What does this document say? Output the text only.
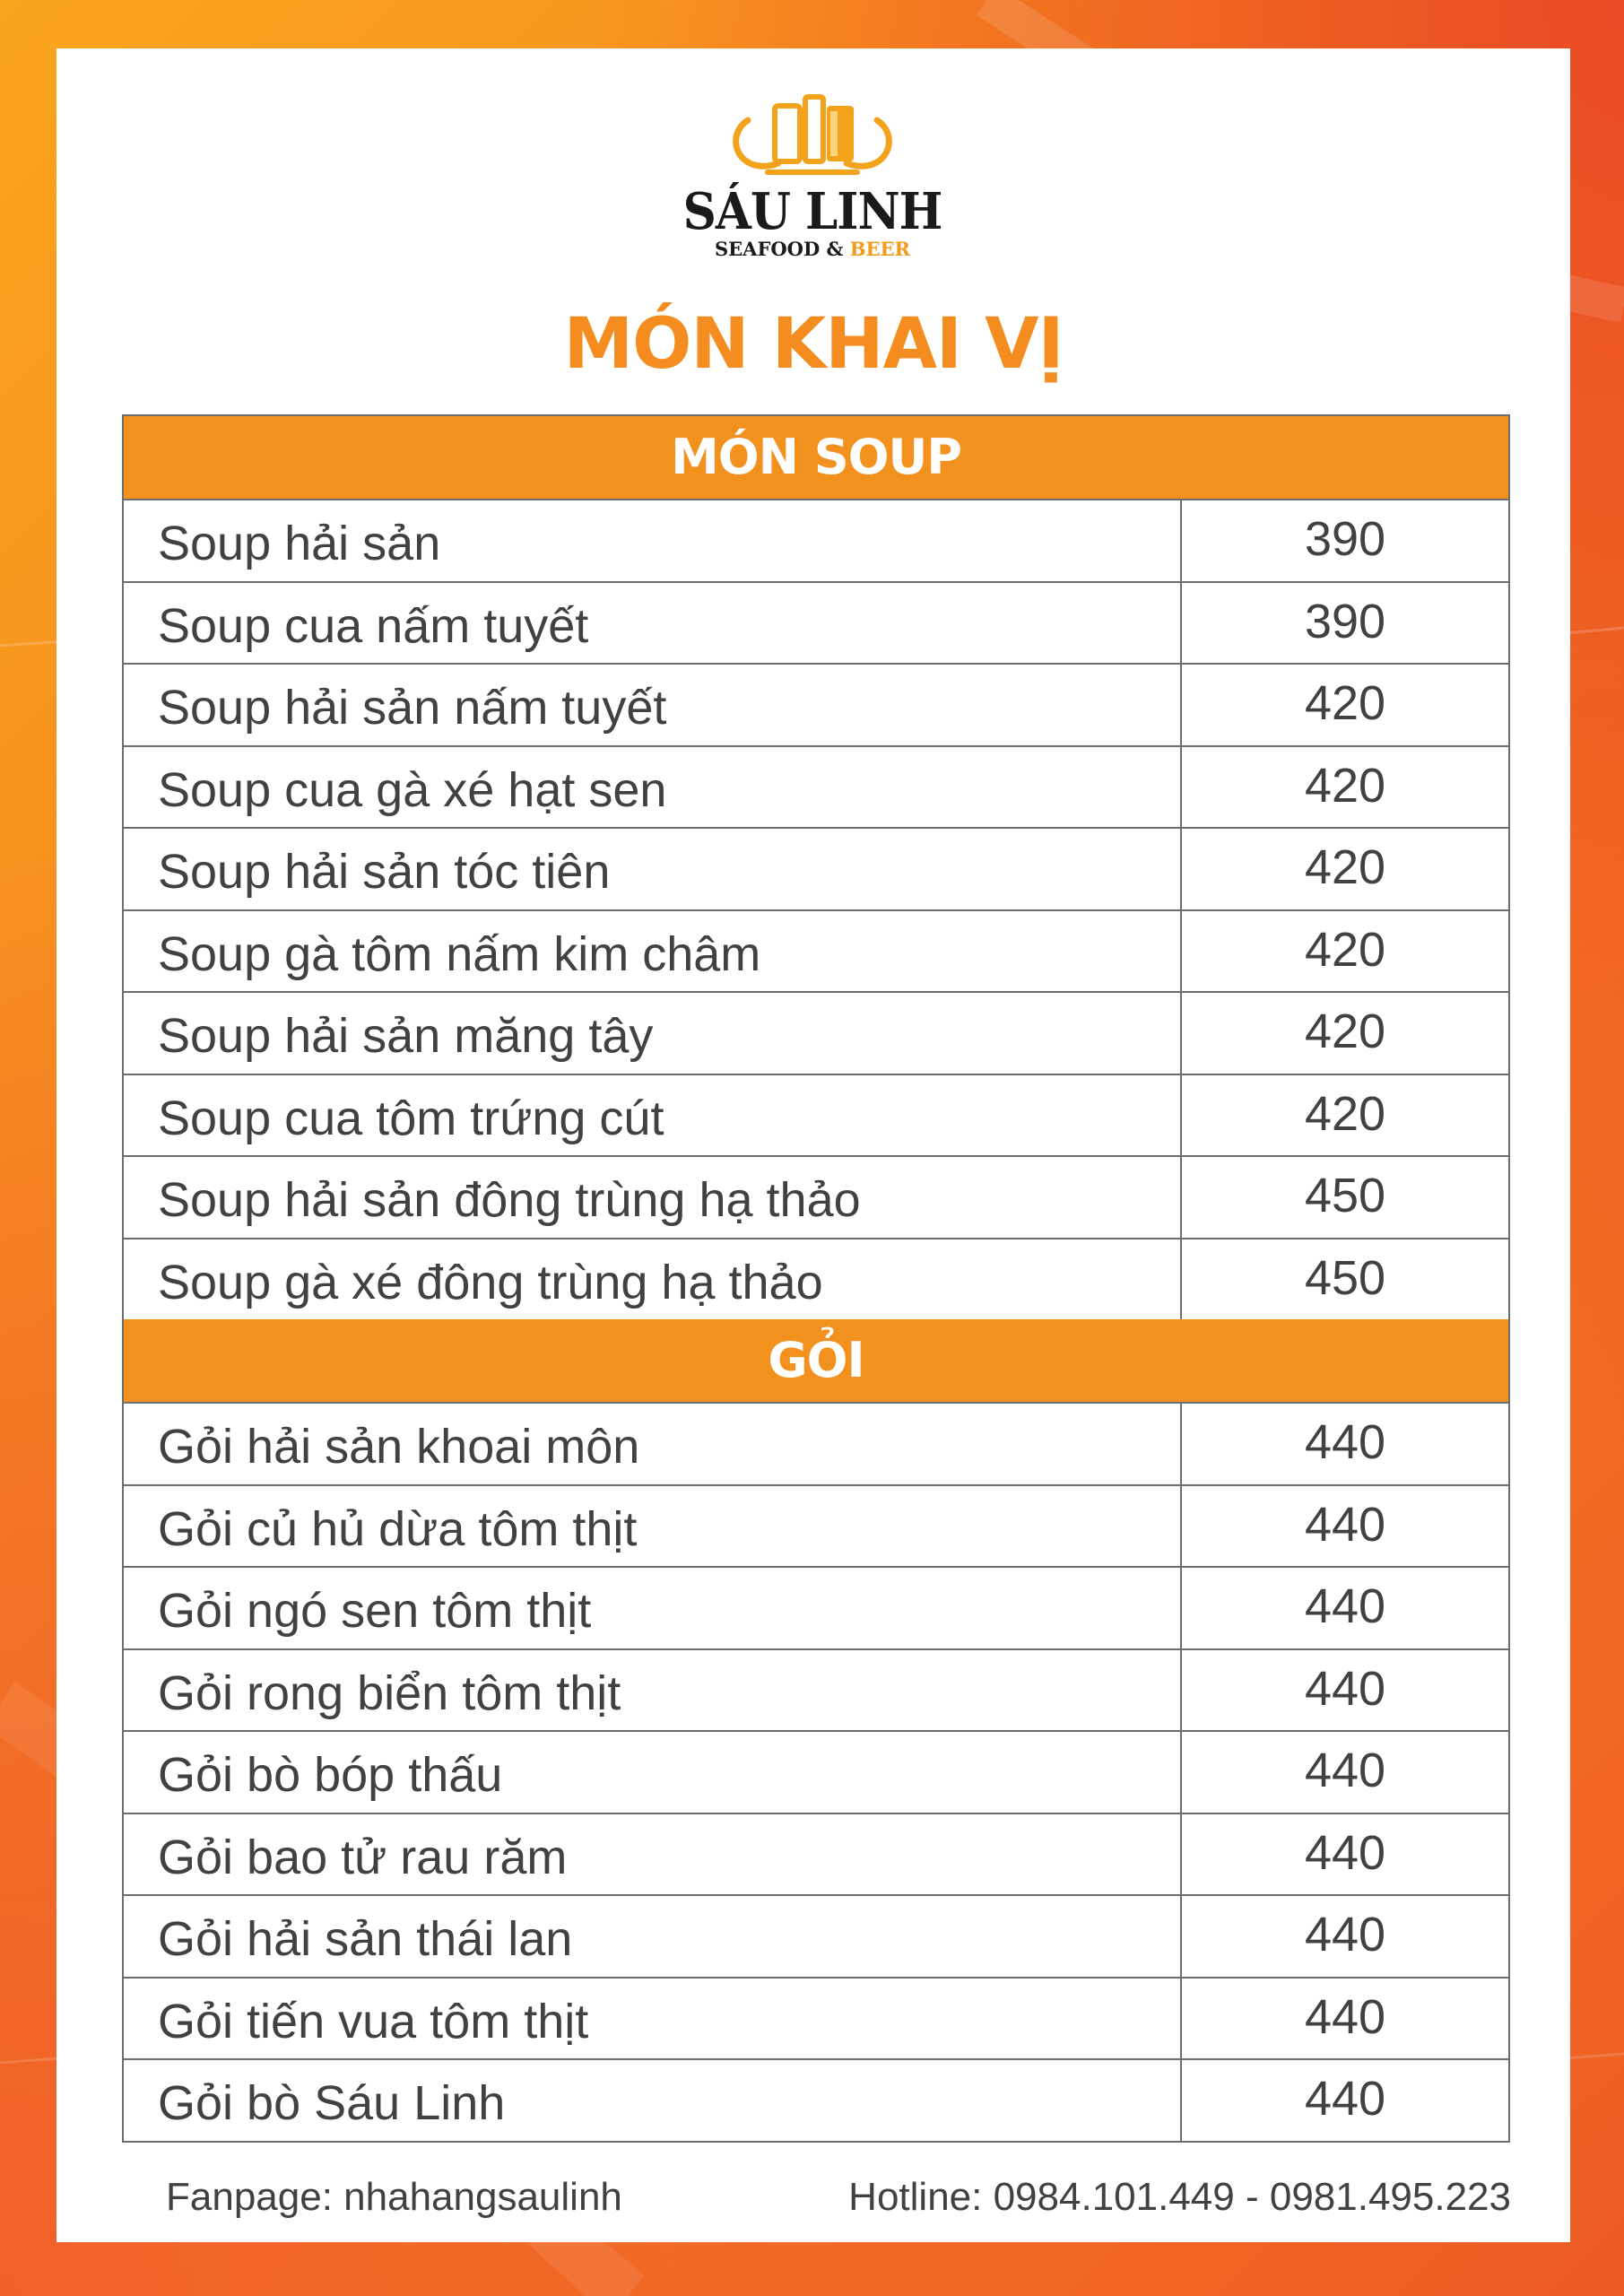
SÁU LINH
SEAFOOD & BEER
MÓN KHAI VỊ
MÓN SOUP
Soup hải sản	390
Soup cua nấm tuyết	390
Soup hải sản nấm tuyết	420
Soup cua gà xé hạt sen	420
Soup hải sản tóc tiên	420
Soup gà tôm nấm kim châm	420
Soup hải sản măng tây	420
Soup cua tôm trứng cút	420
Soup hải sản đông trùng hạ thảo	450
Soup gà xé đông trùng hạ thảo	450
GỎI
Gỏi hải sản khoai môn	440
Gỏi củ hủ dừa tôm thịt	440
Gỏi ngó sen tôm thịt	440
Gỏi rong biển tôm thịt	440
Gỏi bò bóp thấu	440
Gỏi bao tử rau răm	440
Gỏi hải sản thái lan	440
Gỏi tiến vua tôm thịt	440
Gỏi bò Sáu Linh	440
Fanpage: nhahangsaulinh	Hotline: 0984.101.449 - 0981.495.223
